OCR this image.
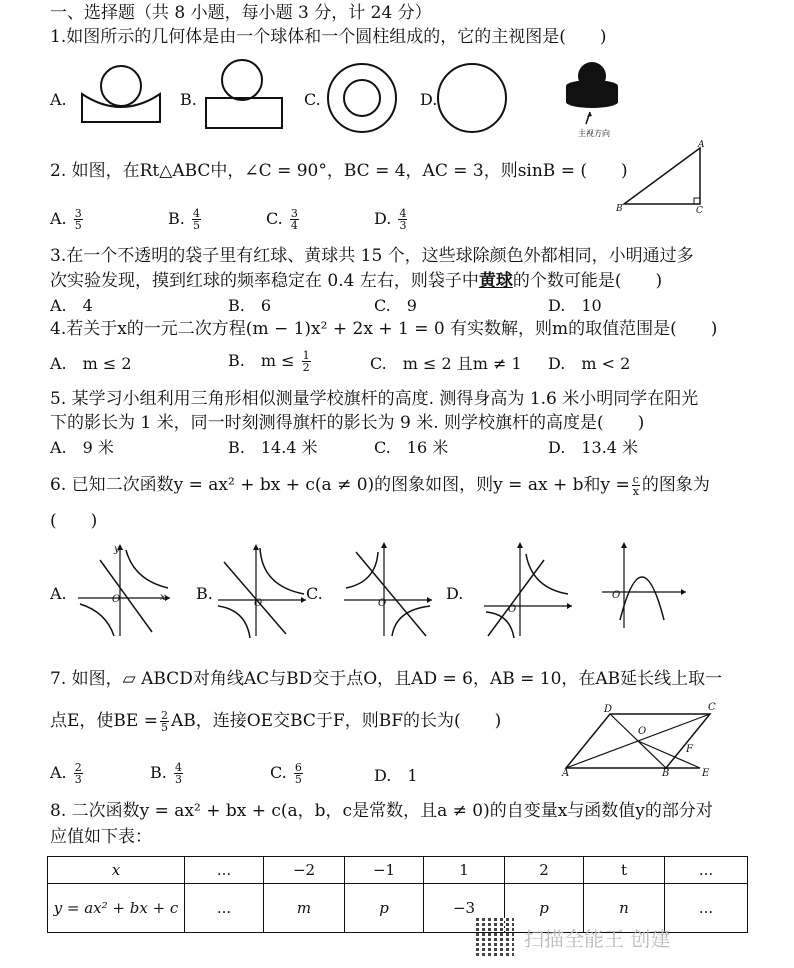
一、选择题（共 8 小题，每小题 3 分，计 24 分）
1.如图所示的几何体是由一个球体和一个圆柱组成的，它的主视图是(　　)
A.	B.	C.	D.
主视方向
2. 如图，在Rt△ABC中，∠C = 90°，BC = 4，AC = 3，则sinB = (　　)
A. $\frac{3}{5}$	B. $\frac{4}{5}$	C. $\frac{3}{4}$	D. $\frac{4}{3}$
A
B	C
3.在一个不透明的袋子里有红球、黄球共 15 个，这些球除颜色外都相同，小明通过多
次实验发现，摸到红球的频率稳定在 0.4 左右，则袋子中黄球的个数可能是(　　)
A.　4	B.　6	C.　9	D.　10
4.若关于x的一元二次方程(m − 1)x² + 2x + 1 = 0 有实数解，则m的取值范围是(　　)
A.　m ≤ 2	B.　$m \le \frac{1}{2}$	C.　m ≤ 2 且m ≠ 1 D.　m < 2
5. 某学习小组利用三角形相似测量学校旗杆的高度. 测得身高为 1.6 米小明同学在阳光
下的影长为 1 米，同一时刻测得旗杆的影长为 9 米. 则学校旗杆的高度是(　　)
A.　9 米	B.　14.4 米	C.　16 米	D.　13.4 米
6. 已知二次函数y = ax² + bx + c(a ≠ 0)的图象如图，则y = ax + b和$y = \frac{c}{x}$ 的图象为
(　　)
A.	B.	C.	D.
O	O	O
O
O
y
x
7. 如图，▱ ABCD对角线AC与BD交于点O，且AD = 6，AB = 10，在AB延长线上取一
点E，使BE = $\frac{2}{5}$ AB，连接OE交BC于F，则BF的长为(　　)
A. $\frac{2}{3}$	B. $\frac{4}{3}$	C. $\frac{6}{5}$	D.　1
D	C
O
F
A	B	E
8. 二次函数y = ax² + bx + c(a，b，c是常数，且a ≠ 0)的自变量x与函数值y的部分对
应值如下表：
x	...	−2	−1	1	2	t	...
y = ax² + bx + c	...	m	p	−3	p	n	...
扫描全能王 创建
